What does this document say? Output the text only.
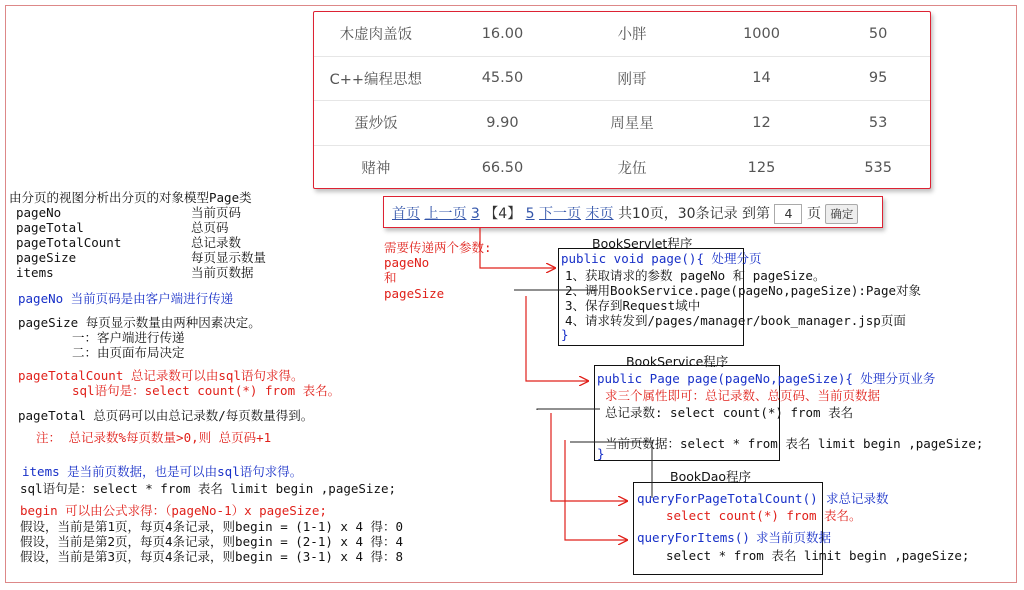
木虚肉盖饭	16.00	小胖	1000	50
C++编程思想	45.50	刚哥	14	95
蛋炒饭	9.90	周星星	12	53
赌神	66.50	龙伍	125	535
首页 上一页 3 【4】 5 下一页 末页 共10页，30条记录 到第 4 页 确定
由分页的视图分析出分页的对象模型Page类
pageNo	当前页码
pageTotal	总页码
pageTotalCount	总记录数
pageSize	每页显示数量
items	当前页数据
pageNo 当前页码是由客户端进行传递
pageSize 每页显示数量由两种因素决定。
一：客户端进行传递
二：由页面布局决定
pageTotalCount 总记录数可以由sql语句求得。
sql语句是：select count(*) from 表名。
pageTotal 总页码可以由总记录数/每页数量得到。
注： 总记录数%每页数量>0,则 总页码+1
items 是当前页数据，也是可以由sql语句求得。
sql语句是：select * from 表名 limit begin ,pageSize;
begin 可以由公式求得：（pageNo-1）x pageSize;
假设，当前是第1页，每页4条记录，则begin = (1-1) x 4 得：0
假设，当前是第2页，每页4条记录，则begin = (2-1) x 4 得：4
假设，当前是第3页，每页4条记录，则begin = (3-1) x 4 得：8
需要传递两个参数:
pageNo
和
pageSize
BookServlet程序
public void page(){ 处理分页
1、获取请求的参数 pageNo 和 pageSize。
2、调用BookService.page(pageNo,pageSize):Page对象
3、保存到Request域中
4、请求转发到/pages/manager/book_manager.jsp页面
}
BookService程序
public Page page(pageNo,pageSize){ 处理分页业务
求三个属性即可：总记录数、总页码、当前页数据
总记录数: select count(*) from 表名
当前页数据：select * from 表名 limit begin ,pageSize;
}
BookDao程序
queryForPageTotalCount() 求总记录数
select count(*) from 表名。
queryForItems() 求当前页数据
select * from 表名 limit begin ,pageSize;
